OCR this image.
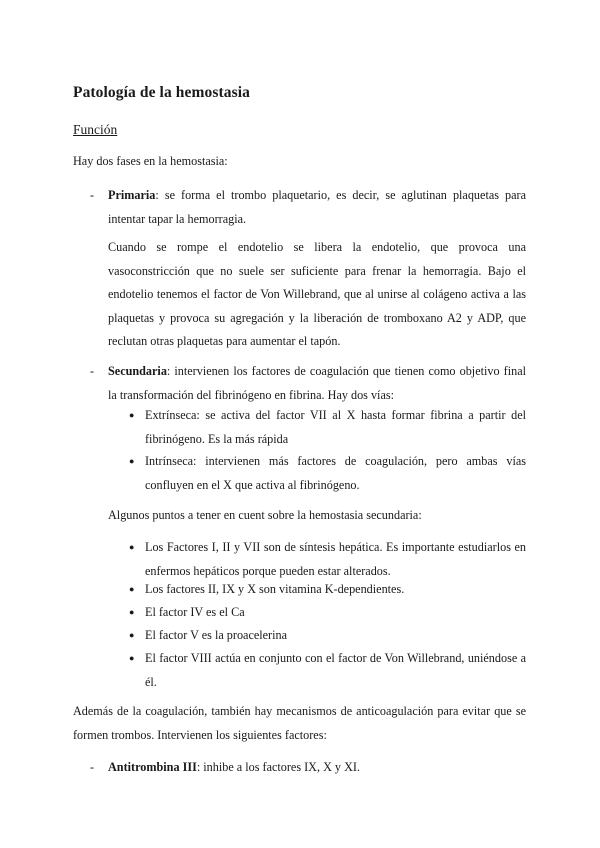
Patología de la hemostasia
Función
Hay dos fases en la hemostasia:
- Primaria: se forma el trombo plaquetario, es decir, se aglutinan plaquetas para intentar tapar la hemorragia.
Cuando se rompe el endotelio se libera la endotelio, que provoca una vasoconstricción que no suele ser suficiente para frenar la hemorragia. Bajo el endotelio tenemos el factor de Von Willebrand, que al unirse al colágeno activa a las plaquetas y provoca su agregación y la liberación de tromboxano A2 y ADP, que reclutan otras plaquetas para aumentar el tapón.
- Secundaria: intervienen los factores de coagulación que tienen como objetivo final la transformación del fibrinógeno en fibrina. Hay dos vías:
● Extrínseca: se activa del factor VII al X hasta formar fibrina a partir del fibrinógeno. Es la más rápida
● Intrínseca: intervienen más factores de coagulación, pero ambas vías confluyen en el X que activa al fibrinógeno.
Algunos puntos a tener en cuent sobre la hemostasia secundaria:
● Los Factores I, II y VII son de síntesis hepática. Es importante estudiarlos en enfermos hepáticos porque pueden estar alterados.
● Los factores II, IX y X son vitamina K-dependientes.
● El factor IV es el Ca
● El factor V es la proacelerina
● El factor VIII actúa en conjunto con el factor de Von Willebrand, uniéndose a él.
Además de la coagulación, también hay mecanismos de anticoagulación para evitar que se formen trombos. Intervienen los siguientes factores:
- Antitrombina III: inhibe a los factores IX, X y XI.
